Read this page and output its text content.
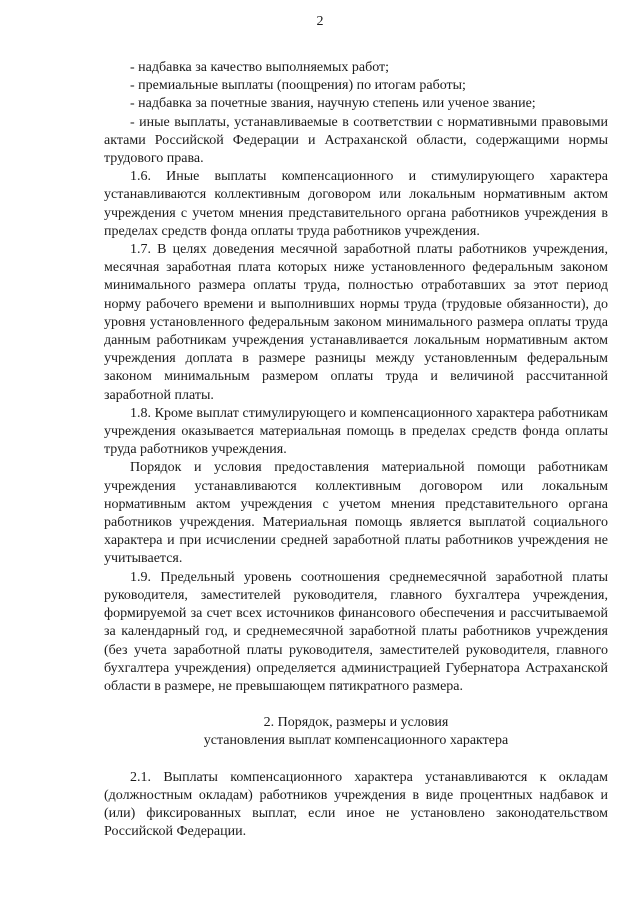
2

- надбавка за качество выполняемых работ;

- премиальные выплаты (поощрения) по итогам работы;

- надбавка за почетные звания, научную степень или ученое звание;

- иные выплаты, устанавливаемые в соответствии с нормативными правовыми актами Российской Федерации и Астраханской области, содержащими нормы трудового права.

1.6. Иные выплаты компенсационного и стимулирующего характера устанавливаются коллективным договором или локальным нормативным актом учреждения с учетом мнения представительного органа работников учреждения в пределах средств фонда оплаты труда работников учреждения.

1.7. В целях доведения месячной заработной платы работников учреждения, месячная заработная плата которых ниже установленного федеральным законом минимального размера оплаты труда, полностью отработавших за этот период норму рабочего времени и выполнивших нормы труда (трудовые обязанности), до уровня установленного федеральным законом минимального размера оплаты труда данным работникам учреждения устанавливается локальным нормативным актом учреждения доплата в размере разницы между установленным федеральным законом минимальным размером оплаты труда и величиной рассчитанной заработной платы.

1.8. Кроме выплат стимулирующего и компенсационного характера работникам учреждения оказывается материальная помощь в пределах средств фонда оплаты труда работников учреждения.

Порядок и условия предоставления материальной помощи работникам учреждения устанавливаются коллективным договором или локальным нормативным актом учреждения с учетом мнения представительного органа работников учреждения. Материальная помощь является выплатой социального характера и при исчислении средней заработной платы работников учреждения не учитывается.

1.9. Предельный уровень соотношения среднемесячной заработной платы руководителя, заместителей руководителя, главного бухгалтера учреждения, формируемой за счет всех источников финансового обеспечения и рассчитываемой за календарный год, и среднемесячной заработной платы работников учреждения (без учета заработной платы руководителя, заместителей руководителя, главного бухгалтера учреждения) определяется администрацией Губернатора Астраханской области в размере, не превышающем пятикратного размера.

2. Порядок, размеры и условия
установления выплат компенсационного характера

2.1. Выплаты компенсационного характера устанавливаются к окладам (должностным окладам) работников учреждения в виде процентных надбавок и (или) фиксированных выплат, если иное не установлено законодательством Российской Федерации.
